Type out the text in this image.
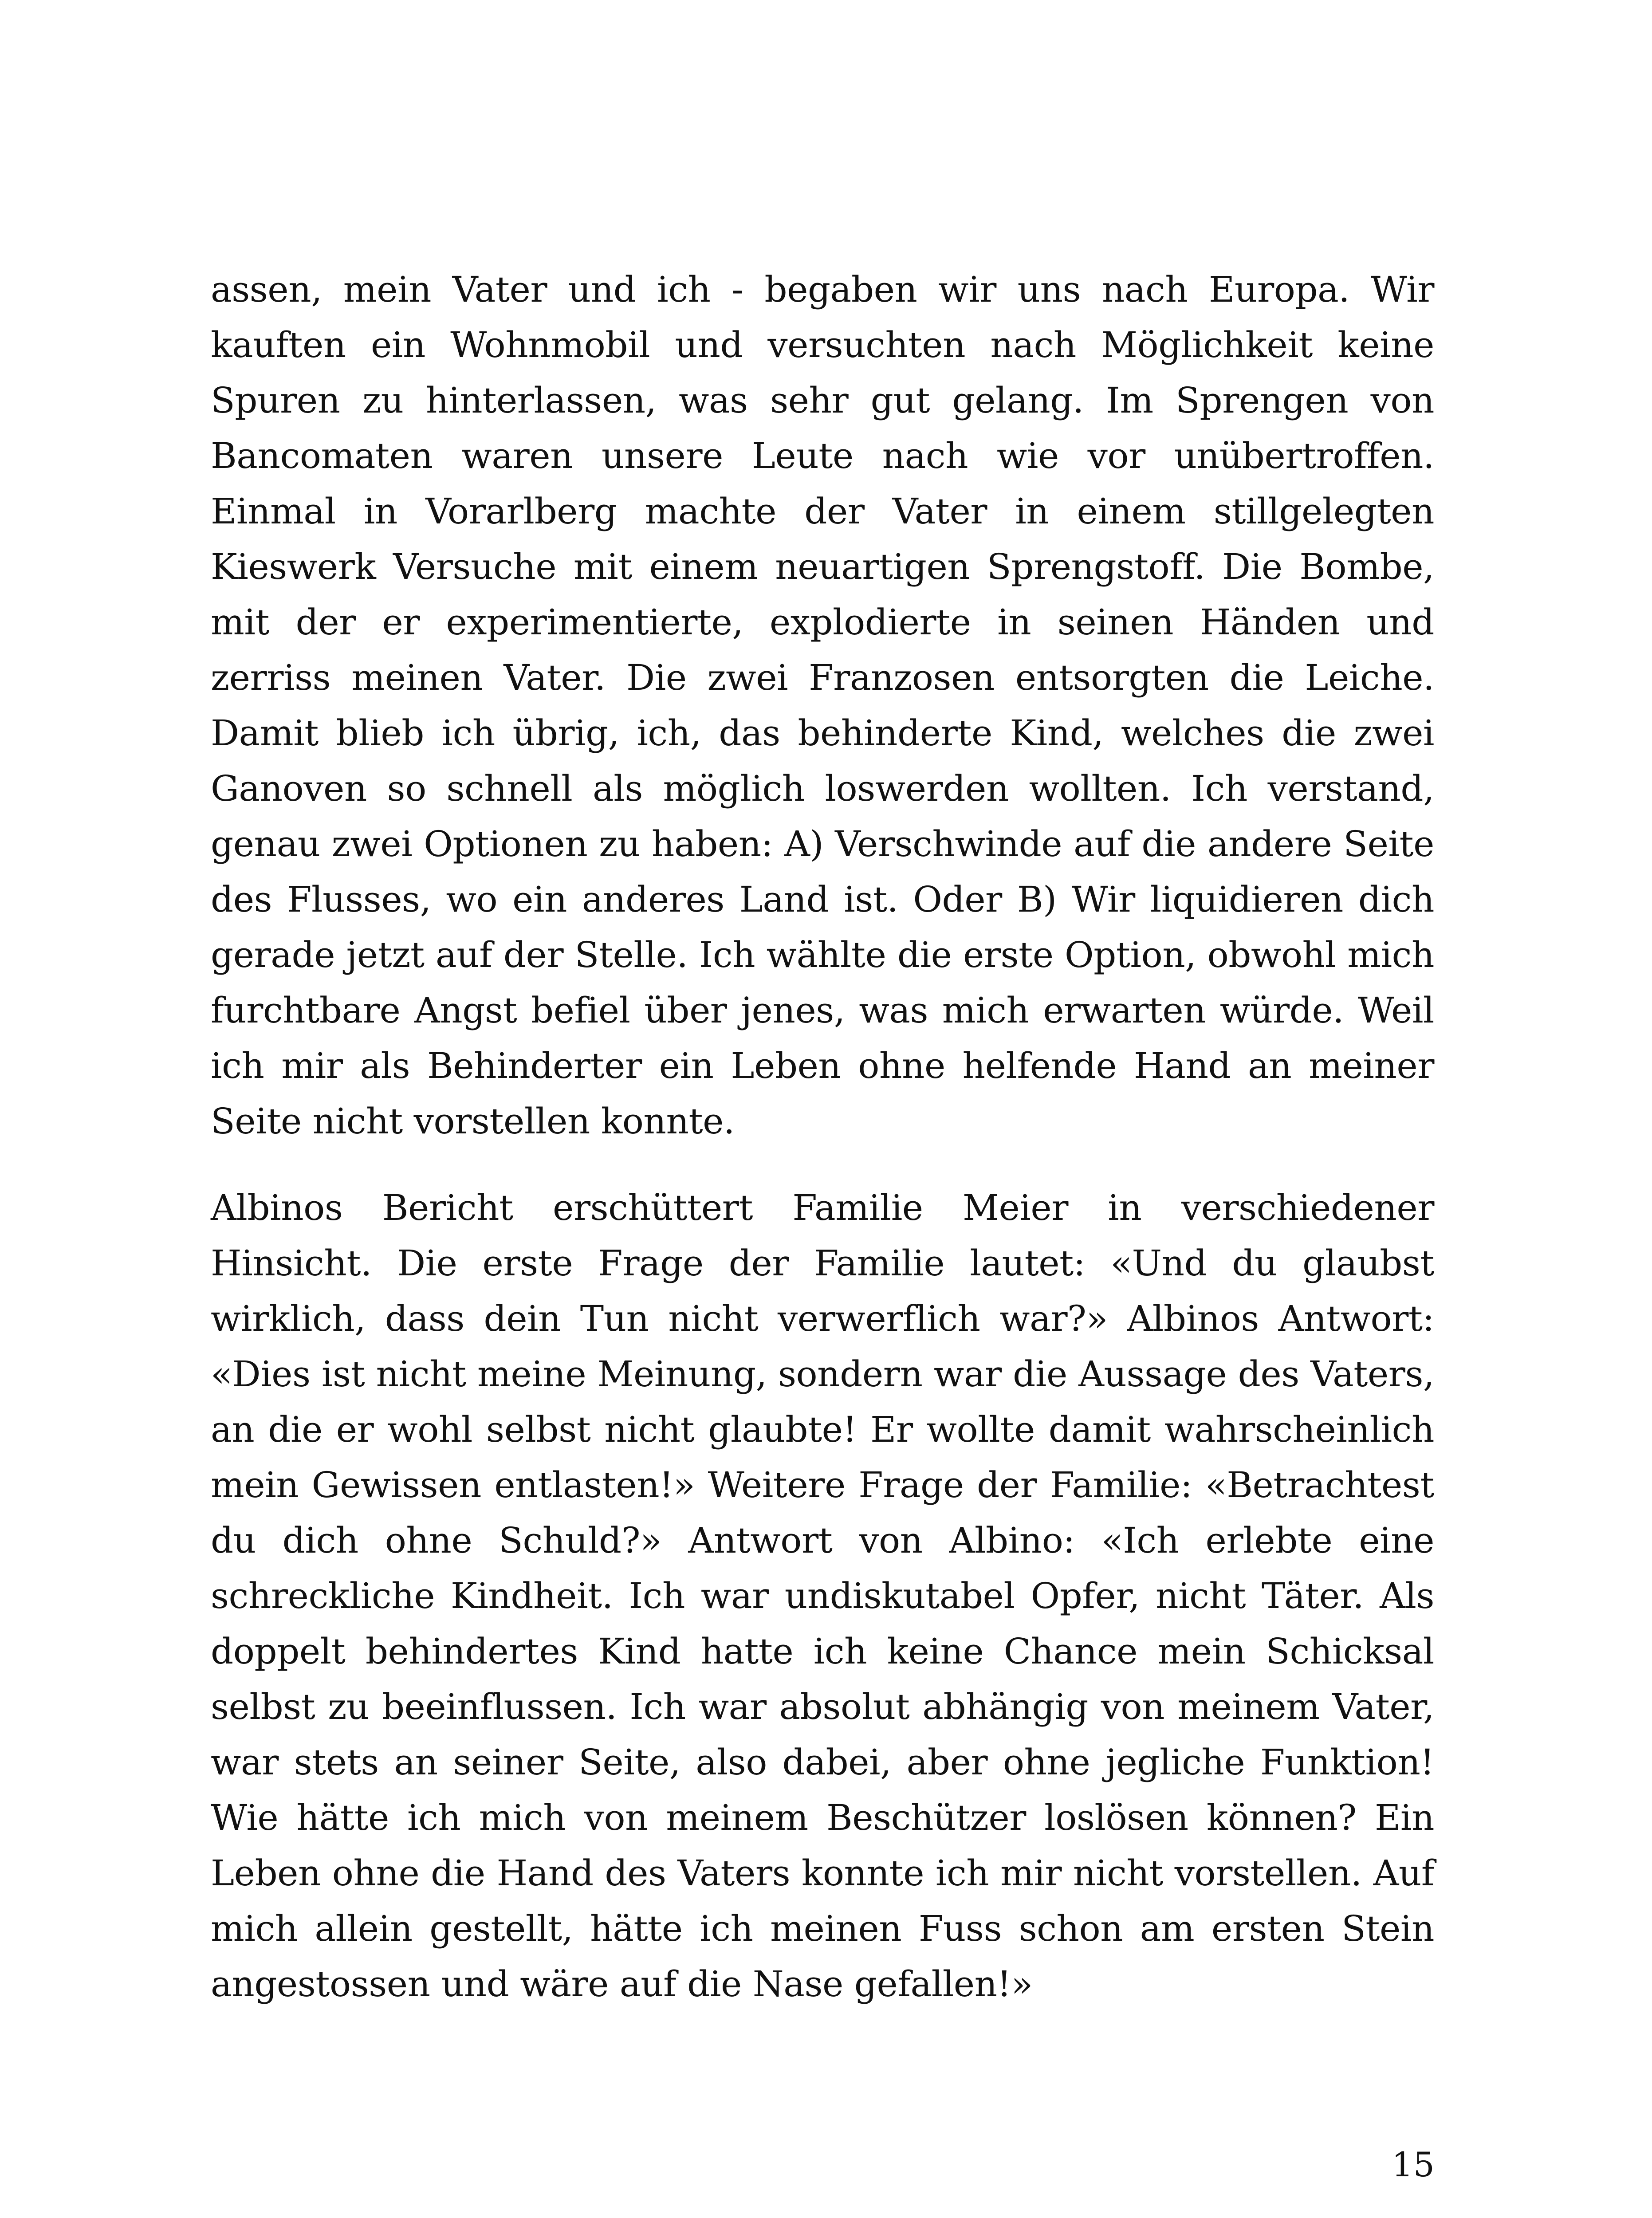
assen, mein Vater und ich - begaben wir uns nach Europa. Wir kauften ein Wohnmobil und versuchten nach Möglichkeit keine Spuren zu hinterlassen, was sehr gut gelang. Im Sprengen von Bancomaten waren unsere Leute nach wie vor unübertroffen. Einmal in Vorarlberg machte der Vater in einem stillgelegten Kieswerk Versuche mit einem neuartigen Sprengstoff. Die Bombe, mit der er experimentierte, explodierte in seinen Händen und zerriss meinen Vater. Die zwei Franzosen entsorgten die Leiche. Damit blieb ich übrig, ich, das behinderte Kind, welches die zwei Ganoven so schnell als möglich loswerden wollten. Ich verstand, genau zwei Optionen zu haben: A) Verschwinde auf die andere Seite des Flusses, wo ein anderes Land ist. Oder B) Wir liquidieren dich gerade jetzt auf der Stelle. Ich wählte die erste Option, obwohl mich furchtbare Angst befiel über jenes, was mich erwarten würde. Weil ich mir als Behinderter ein Leben ohne helfende Hand an meiner Seite nicht vorstellen konnte.

Albinos Bericht erschüttert Familie Meier in verschiedener Hinsicht. Die erste Frage der Familie lautet: «Und du glaubst wirklich, dass dein Tun nicht verwerflich war?» Albinos Antwort: «Dies ist nicht meine Meinung, sondern war die Aussage des Vaters, an die er wohl selbst nicht glaubte! Er wollte damit wahrscheinlich mein Gewissen entlasten!» Weitere Frage der Familie: «Betrachtest du dich ohne Schuld?» Antwort von Albino: «Ich erlebte eine schreckliche Kindheit. Ich war undiskutabel Opfer, nicht Täter. Als doppelt behindertes Kind hatte ich keine Chance mein Schicksal selbst zu beeinflussen. Ich war absolut abhängig von meinem Vater, war stets an seiner Seite, also dabei, aber ohne jegliche Funktion! Wie hätte ich mich von meinem Beschützer loslösen können? Ein Leben ohne die Hand des Vaters konnte ich mir nicht vorstellen. Auf mich allein gestellt, hätte ich meinen Fuss schon am ersten Stein angestossen und wäre auf die Nase gefallen!»

15
